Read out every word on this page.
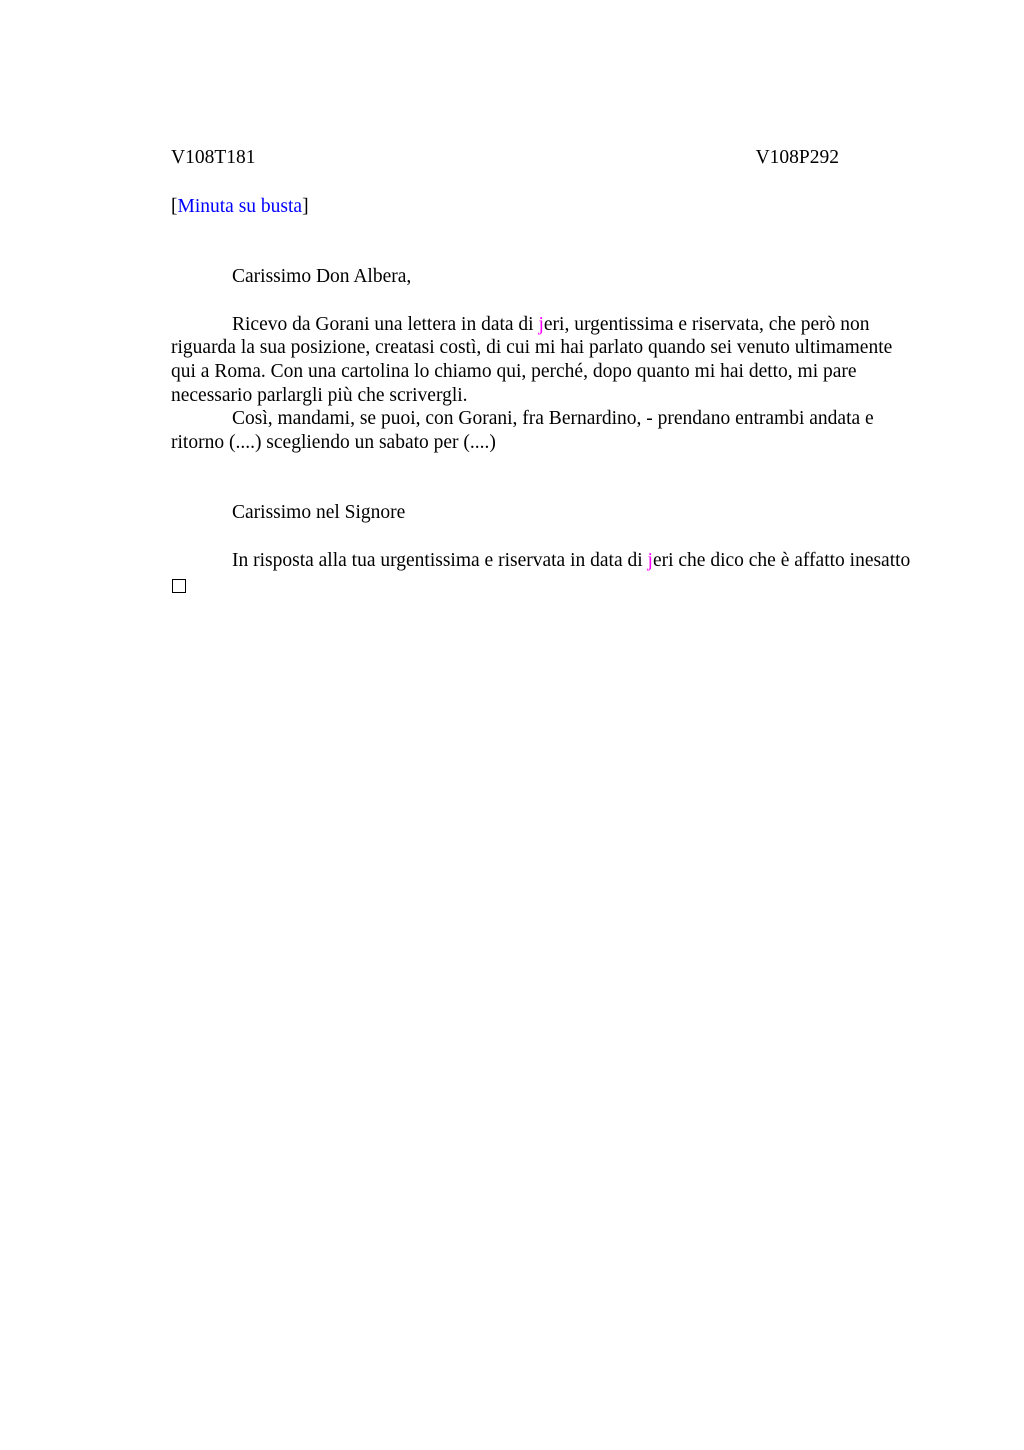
V108T181	V108P292
[Minuta su busta]
Carissimo Don Albera,

Ricevo da Gorani una lettera in data di jeri, urgentissima e riservata, che però non riguarda la sua posizione, creatasi costì, di cui mi hai parlato quando sei venuto ultimamente qui a Roma. Con una cartolina lo chiamo qui, perché, dopo quanto mi hai detto, mi pare necessario parlargli più che scrivergli.

Così, mandami, se puoi, con Gorani, fra Bernardino, - prendano entrambi andata e ritorno (....) scegliendo un sabato per (....)

Carissimo nel Signore

In risposta alla tua urgentissima e riservata in data di jeri che dico che è affatto inesatto
